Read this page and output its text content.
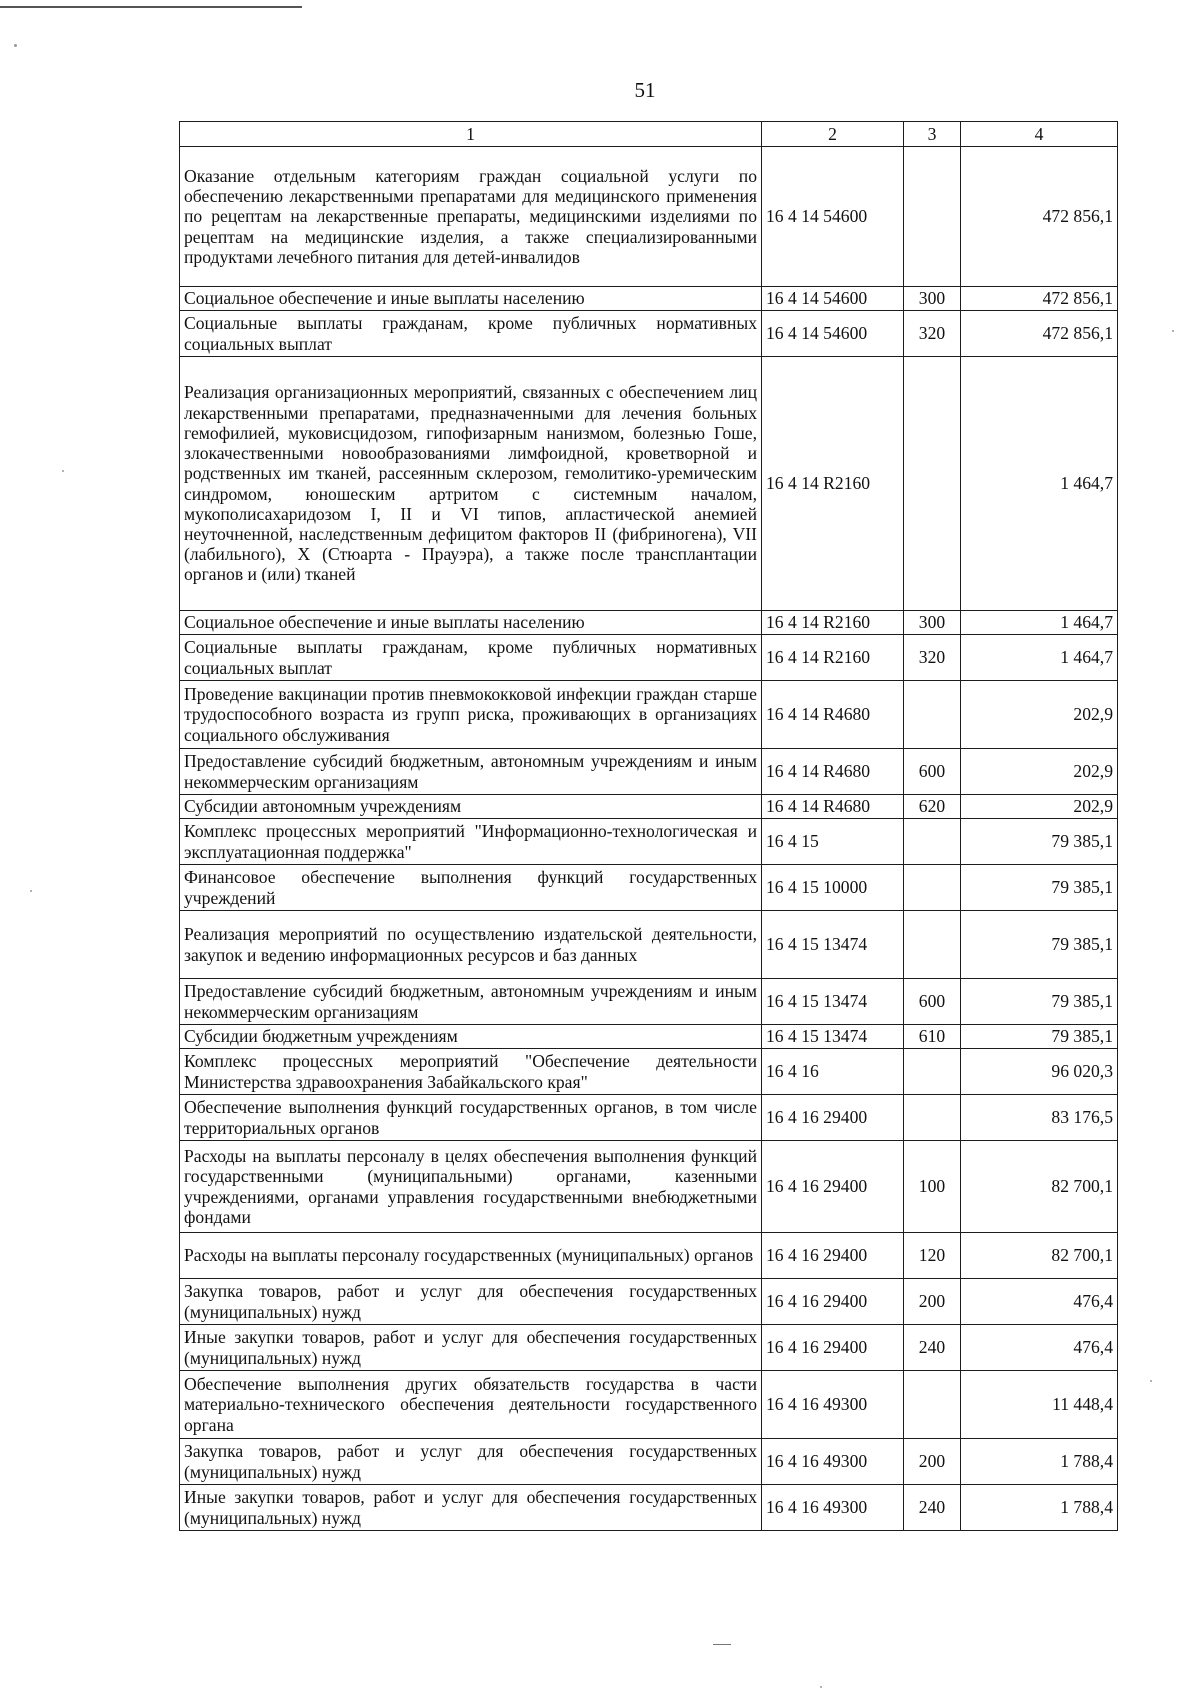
51
1	2	3	4
Оказание отдельным категориям граждан социальной услуги по обеспечению лекарственными препаратами для медицинского применения по рецептам на лекарственные препараты, медицинскими изделиями по рецептам на медицинские изделия, а также специализированными продуктами лечебного питания для детей-инвалидов	16 4 14 54600		472 856,1
Социальное обеспечение и иные выплаты населению	16 4 14 54600	300	472 856,1
Социальные выплаты гражданам, кроме публичных нормативных социальных выплат	16 4 14 54600	320	472 856,1
Реализация организационных мероприятий, связанных с обеспечением лиц лекарственными препаратами, предназначенными для лечения больных гемофилией, муковисцидозом, гипофизарным нанизмом, болезнью Гоше, злокачественными новообразованиями лимфоидной, кроветворной и родственных им тканей, рассеянным склерозом, гемолитико-уремическим синдромом, юношеским артритом с системным началом, мукополисахаридозом I, II и VI типов, апластической анемией неуточненной, наследственным дефицитом факторов II (фибриногена), VII (лабильного), X (Стюарта - Прауэра), а также после трансплантации органов и (или) тканей	16 4 14 R2160		1 464,7
Социальное обеспечение и иные выплаты населению	16 4 14 R2160	300	1 464,7
Социальные выплаты гражданам, кроме публичных нормативных социальных выплат	16 4 14 R2160	320	1 464,7
Проведение вакцинации против пневмококковой инфекции граждан старше трудоспособного возраста из групп риска, проживающих в организациях социального обслуживания	16 4 14 R4680		202,9
Предоставление субсидий бюджетным, автономным учреждениям и иным некоммерческим организациям	16 4 14 R4680	600	202,9
Субсидии автономным учреждениям	16 4 14 R4680	620	202,9
Комплекс процессных мероприятий "Информационно-технологическая и эксплуатационная поддержка"	16 4 15		79 385,1
Финансовое обеспечение выполнения функций государственных учреждений	16 4 15 10000		79 385,1
Реализация мероприятий по осуществлению издательской деятельности, закупок и ведению информационных ресурсов и баз данных	16 4 15 13474		79 385,1
Предоставление субсидий бюджетным, автономным учреждениям и иным некоммерческим организациям	16 4 15 13474	600	79 385,1
Субсидии бюджетным учреждениям	16 4 15 13474	610	79 385,1
Комплекс процессных мероприятий "Обеспечение деятельности Министерства здравоохранения Забайкальского края"	16 4 16		96 020,3
Обеспечение выполнения функций государственных органов, в том числе территориальных органов	16 4 16 29400		83 176,5
Расходы на выплаты персоналу в целях обеспечения выполнения функций государственными (муниципальными) органами, казенными учреждениями, органами управления государственными внебюджетными фондами	16 4 16 29400	100	82 700,1
Расходы на выплаты персоналу государственных (муниципальных) органов	16 4 16 29400	120	82 700,1
Закупка товаров, работ и услуг для обеспечения государственных (муниципальных) нужд	16 4 16 29400	200	476,4
Иные закупки товаров, работ и услуг для обеспечения государственных (муниципальных) нужд	16 4 16 29400	240	476,4
Обеспечение выполнения других обязательств государства в части материально-технического обеспечения деятельности государственного органа	16 4 16 49300		11 448,4
Закупка товаров, работ и услуг для обеспечения государственных (муниципальных) нужд	16 4 16 49300	200	1 788,4
Иные закупки товаров, работ и услуг для обеспечения государственных (муниципальных) нужд	16 4 16 49300	240	1 788,4
